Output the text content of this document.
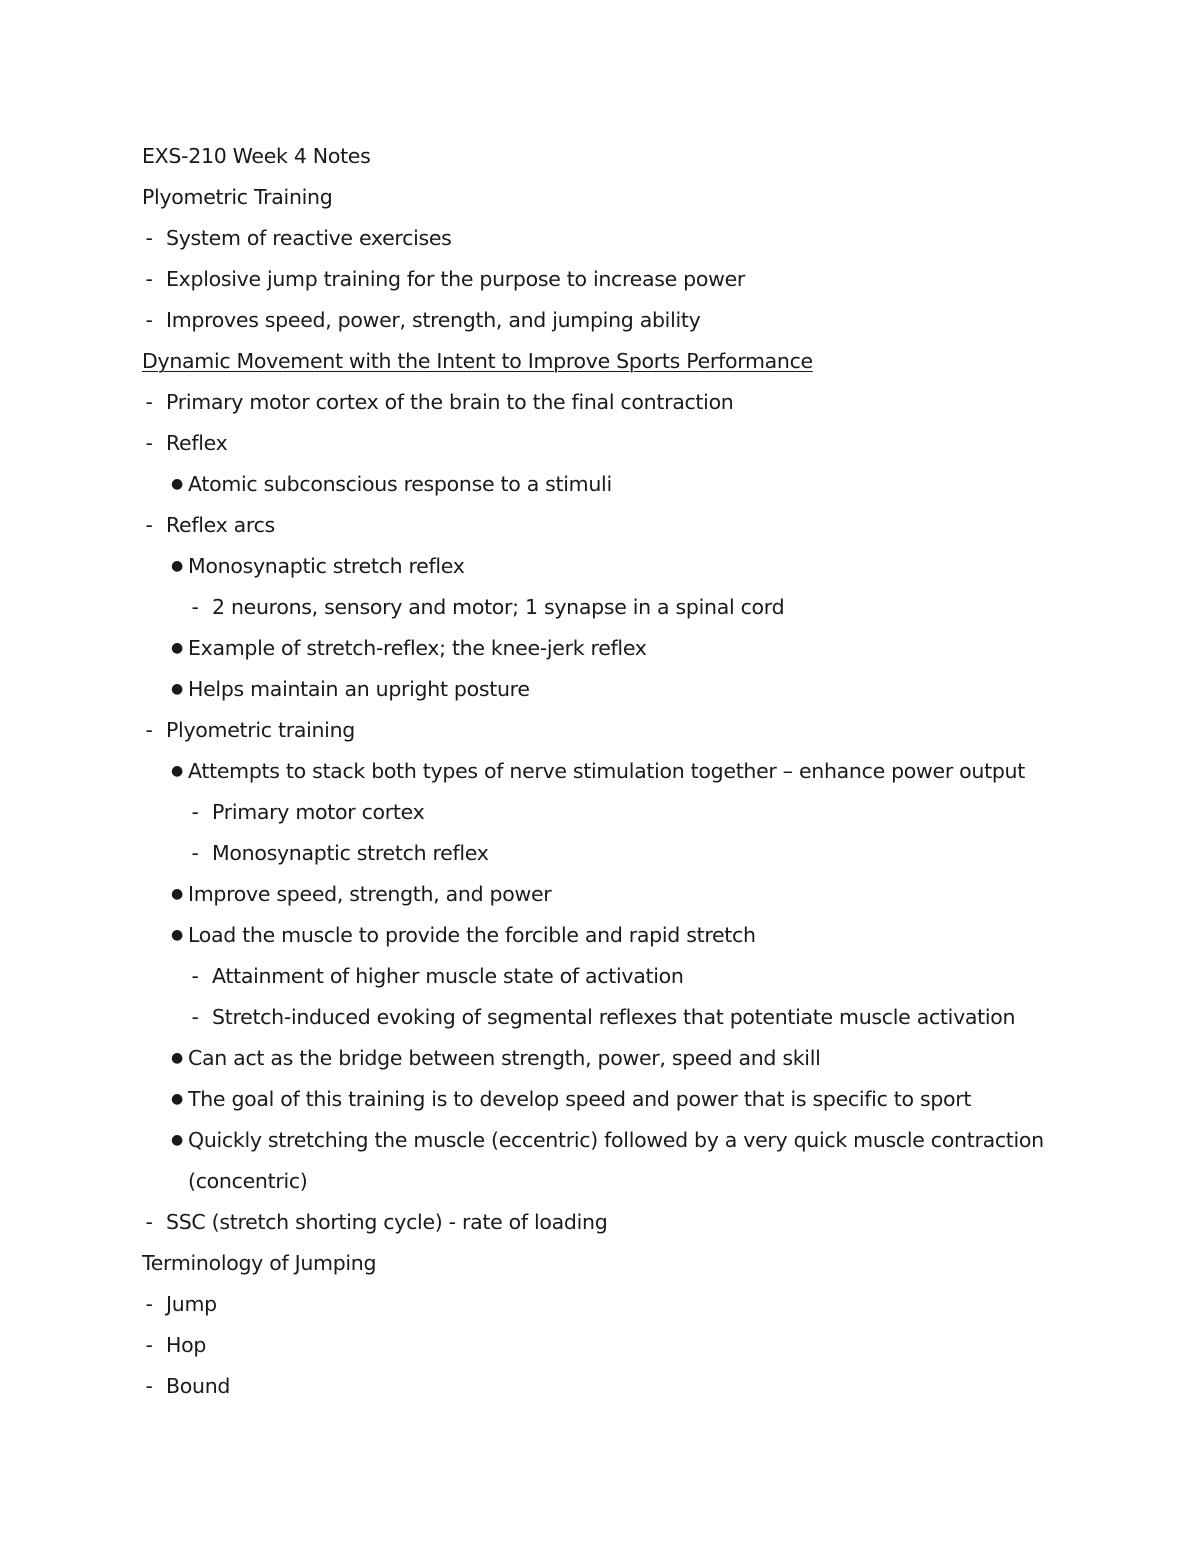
EXS-210 Week 4 Notes
Plyometric Training
- System of reactive exercises
- Explosive jump training for the purpose to increase power
- Improves speed, power, strength, and jumping ability
Dynamic Movement with the Intent to Improve Sports Performance
- Primary motor cortex of the brain to the final contraction
- Reflex
● Atomic subconscious response to a stimuli
- Reflex arcs
● Monosynaptic stretch reflex
- 2 neurons, sensory and motor; 1 synapse in a spinal cord
● Example of stretch-reflex; the knee-jerk reflex
● Helps maintain an upright posture
- Plyometric training
● Attempts to stack both types of nerve stimulation together – enhance power output
- Primary motor cortex
- Monosynaptic stretch reflex
● Improve speed, strength, and power
● Load the muscle to provide the forcible and rapid stretch
- Attainment of higher muscle state of activation
- Stretch-induced evoking of segmental reflexes that potentiate muscle activation
● Can act as the bridge between strength, power, speed and skill
● The goal of this training is to develop speed and power that is specific to sport
● Quickly stretching the muscle (eccentric) followed by a very quick muscle contraction
(concentric)
- SSC (stretch shorting cycle) - rate of loading
Terminology of Jumping
- Jump
- Hop
- Bound
